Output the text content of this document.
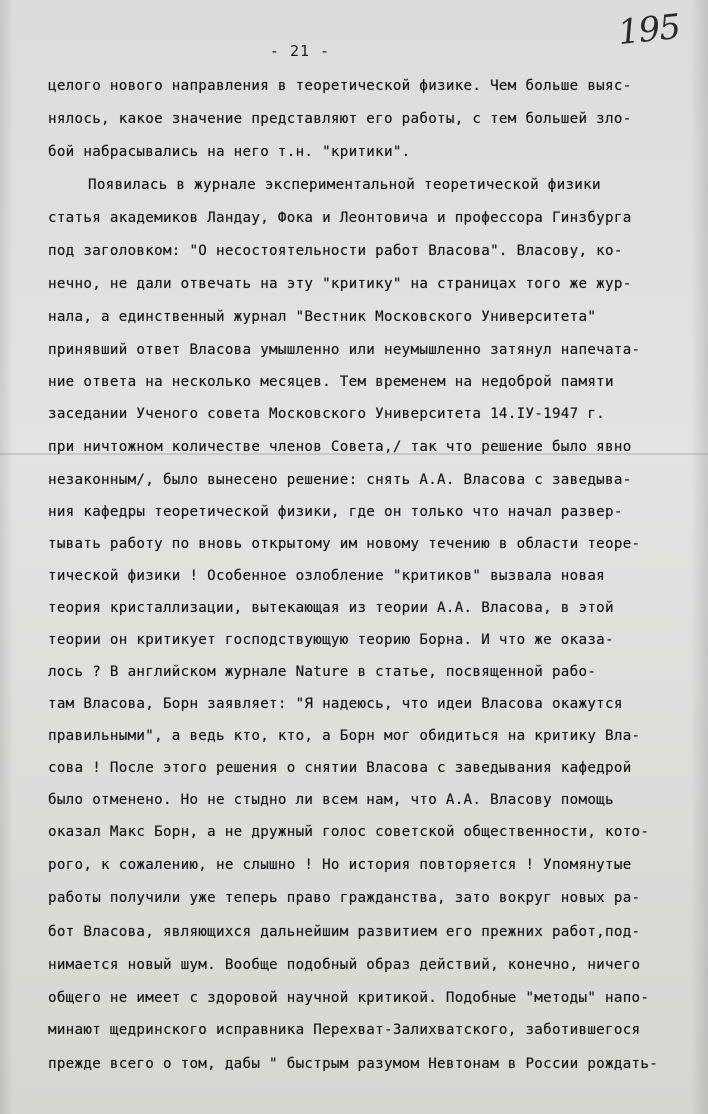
- 21 -	195
целого нового направления в теоретической физике. Чем больше выяс-
нялось, какое значение представляют его работы, с тем большей зло-
бой набрасывались на него т.н. "критики".
Появилась в журнале экспериментальной теоретической физики
статья академиков Ландау, Фока и Леонтовича и профессора Гинзбурга
под заголовком: "О несостоятельности работ Власова". Власову, ко-
нечно, не дали отвечать на эту "критику" на страницах того же жур-
нала, а единственный журнал "Вестник Московского Университета"
принявший ответ Власова умышленно или неумышленно затянул напечата-
ние ответа на несколько месяцев. Тем временем на недоброй памяти
заседании Ученого совета Московского Университета 14.IУ-1947 г.
при ничтожном количестве членов Совета,/ так что решение было явно
незаконным/, было вынесено решение: снять А.А. Власова с заведыва-
ния кафедры теоретической физики, где он только что начал развер-
тывать работу по вновь открытому им новому течению в области теоре-
тической физики ! Особенное озлобление "критиков" вызвала новая
теория кристаллизации, вытекающая из теории А.А. Власова, в этой
теории он критикует господствующую теорию Борна. И что же оказа-
лось ? В английском журнале Nature в статье, посвященной рабо-
там Власова, Борн заявляет: "Я надеюсь, что идеи Власова окажутся
правильными", а ведь кто, кто, а Борн мог обидиться на критику Вла-
сова ! После этого решения о снятии Власова с заведывания кафедрой
было отменено. Но не стыдно ли всем нам, что А.А. Власову помощь
оказал Макс Борн, а не дружный голос советской общественности, кото-
рого, к сожалению, не слышно ! Но история повторяется ! Упомянутые
работы получили уже теперь право гражданства, зато вокруг новых ра-
бот Власова, являющихся дальнейшим развитием его прежних работ,под-
нимается новый шум. Вообще подобный образ действий, конечно, ничего
общего не имеет с здоровой научной критикой. Подобные "методы" напо-
минают щедринского исправника Перехват-Залихватского, заботившегося
прежде всего о том, дабы " быстрым разумом Невтонам в России рождать-
